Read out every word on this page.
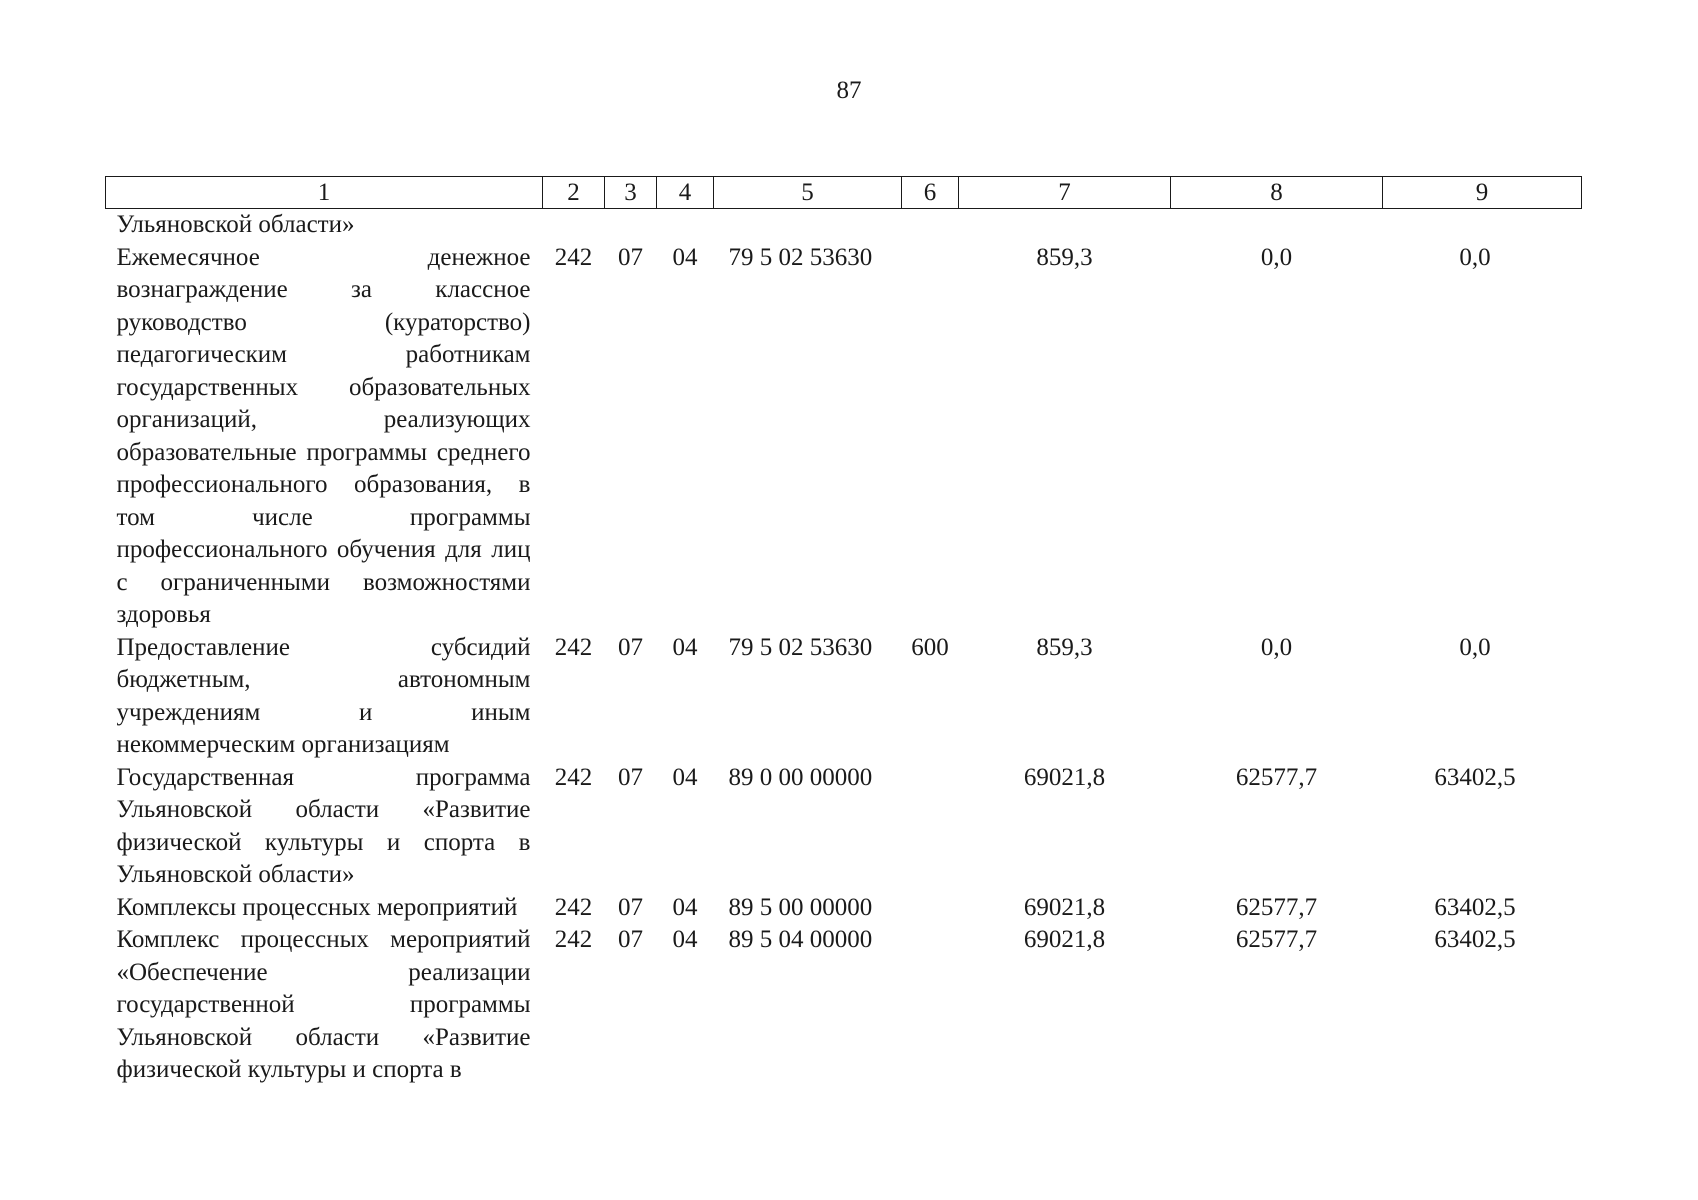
87
1	2	3	4	5	6	7	8	9
Ульяновской области»								
Ежемесячное денежное вознаграждение за классное руководство (кураторство) педагогическим работникам государственных образовательных организаций, реализующих образовательные программы среднего профессионального образования, в том числе программы профессионального обучения для лиц с ограниченными возможностями здоровья	242	07	04	79 5 02 53630		859,3	0,0	0,0
Предоставление субсидий бюджетным, автономным учреждениям и иным некоммерческим организациям	242	07	04	79 5 02 53630	600	859,3	0,0	0,0
Государственная программа Ульяновской области «Развитие физической культуры и спорта в Ульяновской области»	242	07	04	89 0 00 00000		69021,8	62577,7	63402,5
Комплексы процессных мероприятий	242	07	04	89 5 00 00000		69021,8	62577,7	63402,5
Комплекс процессных мероприятий «Обеспечение реализации государственной программы Ульяновской области «Развитие физической культуры и спорта в	242	07	04	89 5 04 00000		69021,8	62577,7	63402,5
